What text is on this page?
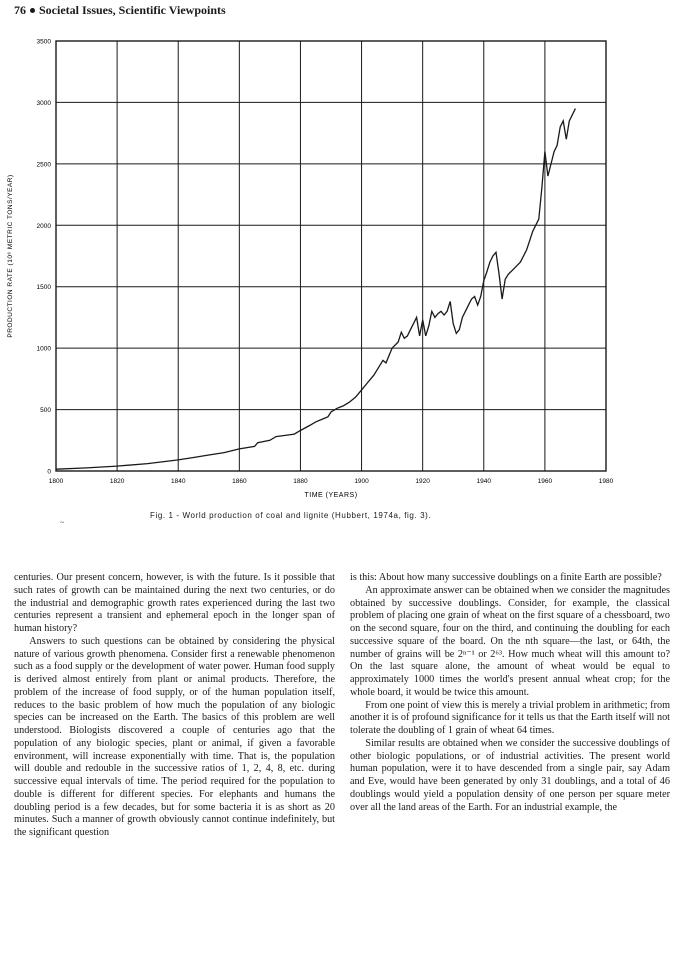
76 Societal Issues, Scientific Viewpoints
1800	1820	1840	1860	1880	1900	1920	1940	1960	1980
0
500
1000
1500
2000
2500
3000
3500
TIME (YEARS)
PRODUCTION RATE (10⁶ METRIC TONS/YEAR)
Fig. 1 - World production of coal and lignite (Hubbert, 1974a, fig. 3).
~

centuries. Our present concern, however, is with the future. Is it possible that such rates of growth can be maintained during the next two centuries, or do the industrial and demographic growth rates experienced during the last two centuries represent a transient and ephemeral epoch in the longer span of human history?

Answers to such questions can be obtained by considering the physical nature of various growth phenomena. Consider first a renewable phenomenon such as a food supply or the development of water power. Human food supply is derived almost entirely from plant or animal products. Therefore, the problem of the increase of food supply, or of the human population itself, reduces to the basic problem of how much the population of any biologic species can be increased on the Earth. The basics of this problem are well understood. Biologists discovered a couple of centuries ago that the population of any biologic species, plant or animal, if given a favorable environment, will increase exponentially with time. That is, the population will double and redouble in the successive ratios of 1, 2, 4, 8, etc. during successive equal intervals of time. The period required for the population to double is different for different species. For elephants and humans the doubling period is a few decades, but for some bacteria it is as short as 20 minutes. Such a manner of growth obviously cannot continue indefinitely, but the significant question

is this: About how many successive doublings on a finite Earth are possible?

An approximate answer can be obtained when we consider the magnitudes obtained by successive doublings. Consider, for example, the classical problem of placing one grain of wheat on the first square of a chessboard, two on the second square, four on the third, and continuing the doubling for each successive square of the board. On the nth square—the last, or 64th, the number of grains will be 2ⁿ⁻¹ or 2⁶³. How much wheat will this amount to? On the last square alone, the amount of wheat would be equal to approximately 1000 times the world's present annual wheat crop; for the whole board, it would be twice this amount.

From one point of view this is merely a trivial problem in arithmetic; from another it is of profound significance for it tells us that the Earth itself will not tolerate the doubling of 1 grain of wheat 64 times.

Similar results are obtained when we consider the successive doublings of other biologic populations, or of industrial activities. The present world human population, were it to have descended from a single pair, say Adam and Eve, would have been generated by only 31 doublings, and a total of 46 doublings would yield a population density of one person per square meter over all the land areas of the Earth. For an industrial example, the
